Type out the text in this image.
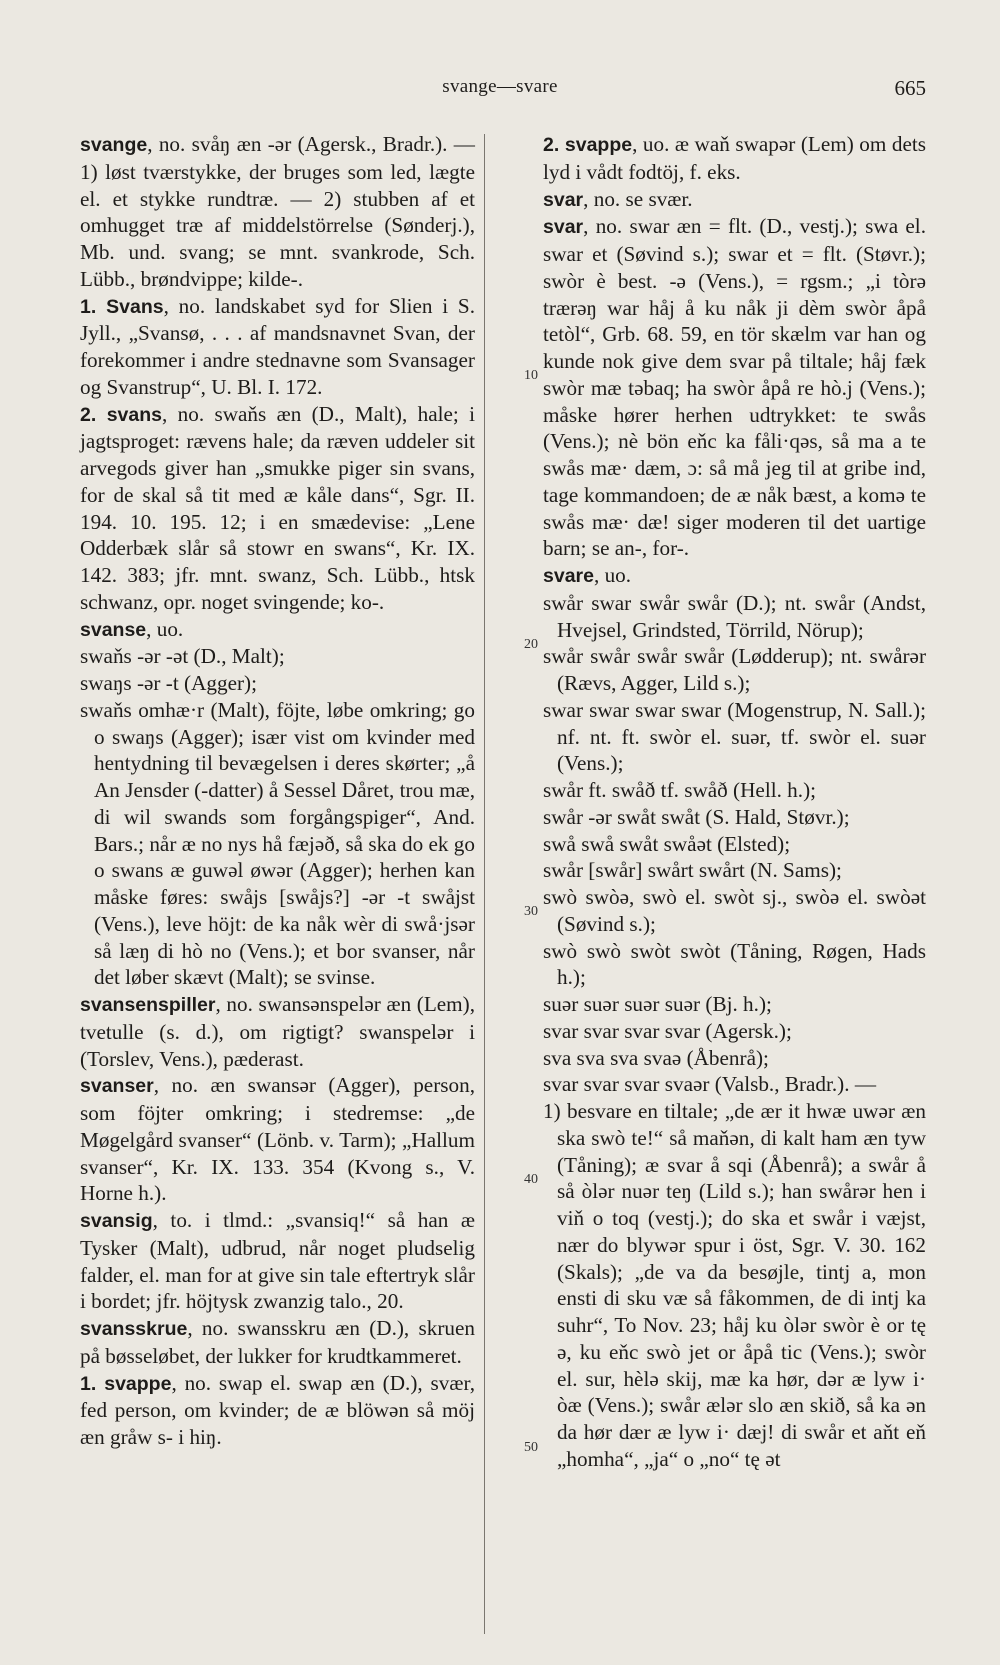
svange—svare	665
10
20
30
40
50

svange, no. svåŋ æn -ər (Agersk., Bradr.). — 1) løst tværstykke, der bruges som led, lægte el. et stykke rundtræ. — 2) stubben af et omhugget træ af middelstörrelse (Sønderj.), Mb. und. svang; se mnt. svankrode, Sch. Lübb., brøndvippe; kilde-.

1. Svans, no. landskabet syd for Slien i S. Jyll., „Svansø, . . . af mandsnavnet Svan, der forekommer i andre stednavne som Svansager og Svanstrup“, U. Bl. I. 172.

2. svans, no. swaňs æn (D., Malt), hale; i jagtsproget: rævens hale; da ræven uddeler sit arvegods giver han „smukke piger sin svans, for de skal så tit med æ kåle dans“, Sgr. II. 194. 10. 195. 12; i en smædevise: „Lene Odderbæk slår så stowr en swans“, Kr. IX. 142. 383; jfr. mnt. swanz, Sch. Lübb., htsk schwanz, opr. noget svingende; ko-.

svanse, uo.

swaňs -ər -ət (D., Malt);

swaŋs -ər -t (Agger);

swaňs omhæ·r (Malt), föjte, løbe omkring; go o swaŋs (Agger); især vist om kvinder med hentydning til bevægelsen i deres skørter; „å An Jensder (-datter) å Sessel Dåret, trou mæ, di wil swands som forgångspiger“, And. Bars.; når æ no nys hå fæjəð, så ska do ek go o swans æ guwəl øwər (Agger); herhen kan måske føres: swåjs [swåjs?] -ər -t swåjst (Vens.), leve höjt: de ka nåk wèr di swå·jsər så læŋ di hò no (Vens.); et bor svanser, når det løber skævt (Malt); se svinse.

svansenspiller, no. swansənspelər æn (Lem), tvetulle (s. d.), om rigtigt? swanspelər i (Torslev, Vens.), pæderast.

svanser, no. æn swansər (Agger), person, som föjter omkring; i stedremse: „de Møgelgård svanser“ (Lönb. v. Tarm); „Hallum svanser“, Kr. IX. 133. 354 (Kvong s., V. Horne h.).

svansig, to. i tlmd.: „svansiq!“ så han æ Tysker (Malt), udbrud, når noget pludselig falder, el. man for at give sin tale eftertryk slår i bordet; jfr. höjtysk zwanzig talo., 20.

svansskrue, no. swansskru æn (D.), skruen på bøsseløbet, der lukker for krudtkammeret.

1. svappe, no. swap el. swap æn (D.), svær, fed person, om kvinder; de æ blöwən så möj æn gråw s- i hiŋ.

2. svappe, uo. æ waň swapər (Lem) om dets lyd i vådt fodtöj, f. eks.

svar, no. se svær.

svar, no. swar æn = flt. (D., vestj.); swa el. swar et (Søvind s.); swar et = flt. (Støvr.); swòr è best. -ə (Vens.), = rgsm.; „i tòrə trærəŋ war håj å ku nåk ji dèm swòr åpå tetòl“, Grb. 68. 59, en tör skælm var han og kunde nok give dem svar på tiltale; håj fæk swòr mæ təbaq; ha swòr åpå re hò.j (Vens.); måske hører herhen udtrykket: te swås (Vens.); nè bön eňc ka fåli·qəs, så ma a te swås mæ· dæm, ɔ: så må jeg til at gribe ind, tage kommandoen; de æ nåk bæst, a komə te swås mæ· dæ! siger moderen til det uartige barn; se an-, for-.

svare, uo.

swår swar swår swår (D.); nt. swår (Andst, Hvejsel, Grindsted, Törrild, Nörup);

swår swår swår swår (Lødderup); nt. swårər (Rævs, Agger, Lild s.);

swar swar swar swar (Mogenstrup, N. Sall.); nf. nt. ft. swòr el. suər, tf. swòr el. suər (Vens.);

swår ft. swåð tf. swåð (Hell. h.);

swår -ər swåt swåt (S. Hald, Støvr.);

swå swå swåt swåət (Elsted);

swår [swår] swårt swårt (N. Sams);

swò swòə, swò el. swòt sj., swòə el. swòət (Søvind s.);

swò swò swòt swòt (Tåning, Røgen, Hads h.);

suər suər suər suər (Bj. h.);

svar svar svar svar (Agersk.);

sva sva sva svaə (Åbenrå);

svar svar svar svaər (Valsb., Bradr.). —

1) besvare en tiltale; „de ær it hwæ uwər æn ska swò te!“ så maňən, di kalt ham æn tyw (Tåning); æ svar å sqi (Åbenrå); a swår å så òlər nuər teŋ (Lild s.); han swårər hen i viň o toq (vestj.); do ska et swår i væjst, nær do blywər spur i öst, Sgr. V. 30. 162 (Skals); „de va da besøjle, tintj a, mon ensti di sku væ så fåkommen, de di intj ka suhr“, To Nov. 23; håj ku òlər swòr è or tę ə, ku eňc swò jet or åpå tic (Vens.); swòr el. sur, hèlə skij, mæ ka hør, dər æ lyw i· òæ (Vens.); swår ælər slo æn skið, så ka ən da hør dær æ lyw i· dæj! di swår et aňt eň „homha“, „ja“ o „no“ tę ət
